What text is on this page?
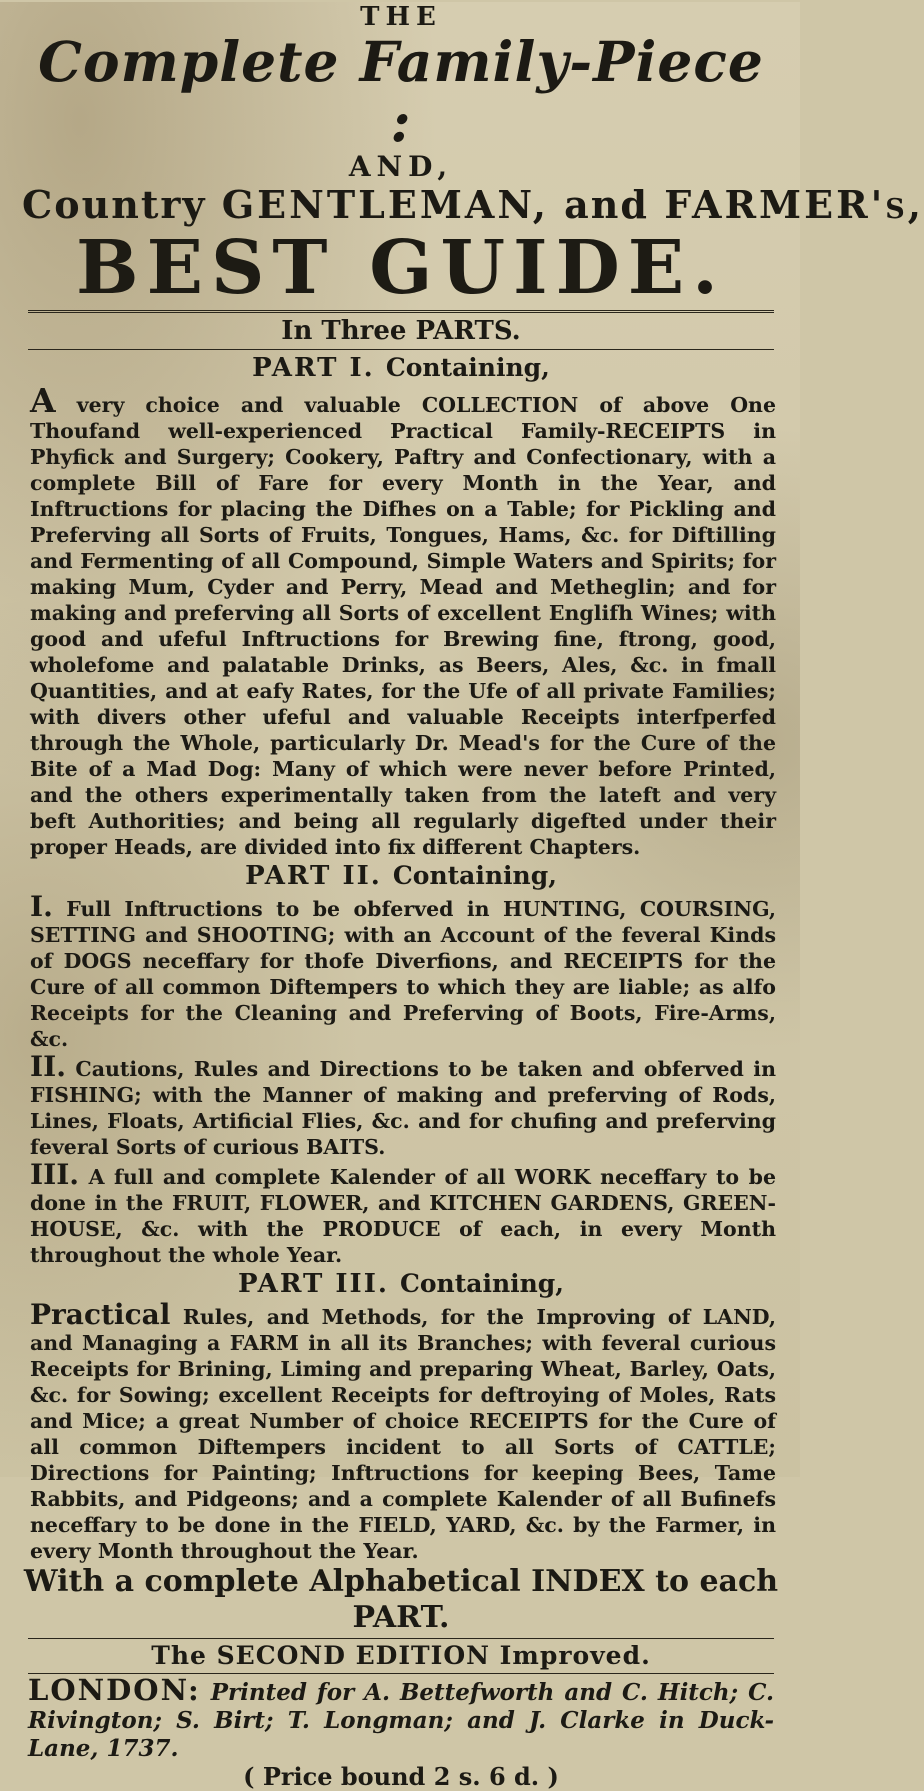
THE
Complete Family-Piece :
AND,
Country GENTLEMAN, and FARMER's,
BEST GUIDE.
In Three PARTS.
PART I. Containing,
A very choice and valuable COLLECTION of above One Thoufand well-experienced Practical Family-RECEIPTS in Phyfick and Surgery; Cookery, Paftry and Confectionary, with a complete Bill of Fare for every Month in the Year, and Inftructions for placing the Difhes on a Table; for Pickling and Preferving all Sorts of Fruits, Tongues, Hams, &c. for Diftilling and Fermenting of all Compound, Simple Waters and Spirits; for making Mum, Cyder and Perry, Mead and Metheglin; and for making and preferving all Sorts of excellent Englifh Wines; with good and ufeful Inftructions for Brewing fine, ftrong, good, wholefome and palatable Drinks, as Beers, Ales, &c. in fmall Quantities, and at eafy Rates, for the Ufe of all private Families; with divers other ufeful and valuable Receipts interfperfed through the Whole, particularly Dr. Mead's for the Cure of the Bite of a Mad Dog: Many of which were never before Printed, and the others experimentally taken from the lateft and very beft Authorities; and being all regularly digefted under their proper Heads, are divided into fix different Chapters.
PART II. Containing,
I. Full Inftructions to be obferved in HUNTING, COURSING, SETTING and SHOOTING; with an Account of the feveral Kinds of DOGS neceffary for thofe Diverfions, and RECEIPTS for the Cure of all common Diftempers to which they are liable; as alfo Receipts for the Cleaning and Preferving of Boots, Fire-Arms, &c.
II. Cautions, Rules and Directions to be taken and obferved in FISHING; with the Manner of making and preferving of Rods, Lines, Floats, Artificial Flies, &c. and for chufing and preferving feveral Sorts of curious BAITS.
III. A full and complete Kalender of all WORK neceffary to be done in the FRUIT, FLOWER, and KITCHEN GARDENS, GREEN-HOUSE, &c. with the PRODUCE of each, in every Month throughout the whole Year.
PART III. Containing,
Practical Rules, and Methods, for the Improving of LAND, and Managing a FARM in all its Branches; with feveral curious Receipts for Brining, Liming and preparing Wheat, Barley, Oats, &c. for Sowing; excellent Receipts for deftroying of Moles, Rats and Mice; a great Number of choice RECEIPTS for the Cure of all common Diftempers incident to all Sorts of CATTLE; Directions for Painting; Inftructions for keeping Bees, Tame Rabbits, and Pidgeons; and a complete Kalender of all Bufinefs neceffary to be done in the FIELD, YARD, &c. by the Farmer, in every Month throughout the Year.
With a complete Alphabetical INDEX to each PART.
The SECOND EDITION Improved.
LONDON: Printed for A. Bettefworth and C. Hitch; C. Rivington; S. Birt; T. Longman; and J. Clarke in Duck-Lane, 1737.
( Price bound 2 s. 6 d. )
